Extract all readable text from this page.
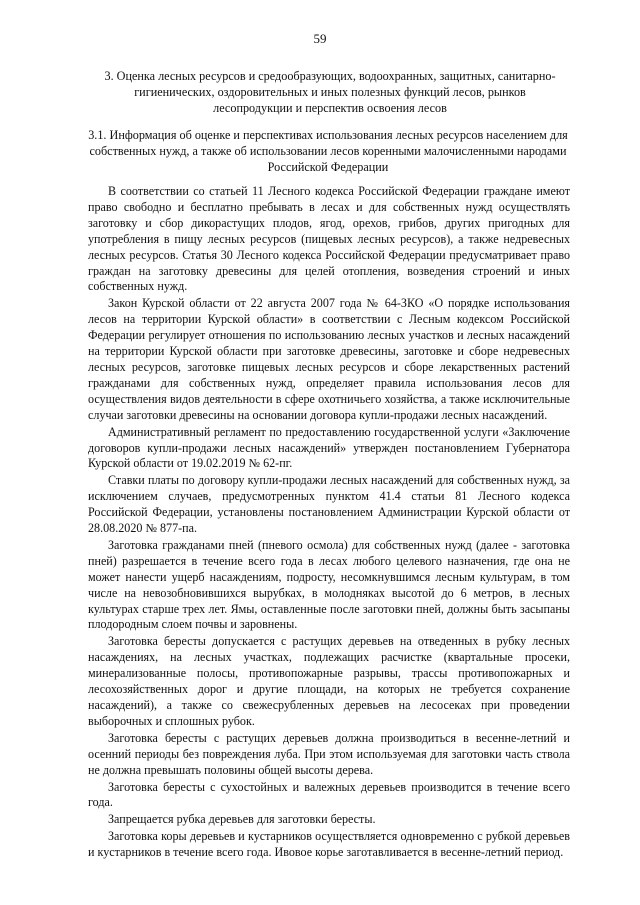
59
3. Оценка лесных ресурсов и средообразующих, водоохранных, защитных, санитарно-гигиенических, оздоровительных и иных полезных функций лесов, рынков лесопродукции и перспектив освоения лесов
3.1. Информация об оценке и перспективах использования лесных ресурсов населением для собственных нужд, а также об использовании лесов коренными малочисленными народами Российской Федерации

В соответствии со статьей 11 Лесного кодекса Российской Федерации граждане имеют право свободно и бесплатно пребывать в лесах и для собственных нужд осуществлять заготовку и сбор дикорастущих плодов, ягод, орехов, грибов, других пригодных для употребления в пищу лесных ресурсов (пищевых лесных ресурсов), а также недревесных лесных ресурсов. Статья 30 Лесного кодекса Российской Федерации предусматривает право граждан на заготовку древесины для целей отопления, возведения строений и иных собственных нужд.

Закон Курской области от 22 августа 2007 года № 64-ЗКО «О порядке использования лесов на территории Курской области» в соответствии с Лесным кодексом Российской Федерации регулирует отношения по использованию лесных участков и лесных насаждений на территории Курской области при заготовке древесины, заготовке и сборе недревесных лесных ресурсов, заготовке пищевых лесных ресурсов и сборе лекарственных растений гражданами для собственных нужд, определяет правила использования лесов для осуществления видов деятельности в сфере охотничьего хозяйства, а также исключительные случаи заготовки древесины на основании договора купли-продажи лесных насаждений.

Административный регламент по предоставлению государственной услуги «Заключение договоров купли-продажи лесных насаждений» утвержден постановлением Губернатора Курской области от 19.02.2019 № 62-пг.

Ставки платы по договору купли-продажи лесных насаждений для собственных нужд, за исключением случаев, предусмотренных пунктом 41.4 статьи 81 Лесного кодекса Российской Федерации, установлены постановлением Администрации Курской области от 28.08.2020 № 877-па.

Заготовка гражданами пней (пневого осмола) для собственных нужд (далее - заготовка пней) разрешается в течение всего года в лесах любого целевого назначения, где она не может нанести ущерб насаждениям, подросту, несомкнувшимся лесным культурам, в том числе на невозобновившихся вырубках, в молодняках высотой до 6 метров, в лесных культурах старше трех лет. Ямы, оставленные после заготовки пней, должны быть засыпаны плодородным слоем почвы и заровнены.

Заготовка бересты допускается с растущих деревьев на отведенных в рубку лесных насаждениях, на лесных участках, подлежащих расчистке (квартальные просеки, минерализованные полосы, противопожарные разрывы, трассы противопожарных и лесохозяйственных дорог и другие площади, на которых не требуется сохранение насаждений), а также со свежесрубленных деревьев на лесосеках при проведении выборочных и сплошных рубок.

Заготовка бересты с растущих деревьев должна производиться в весенне-летний и осенний периоды без повреждения луба. При этом используемая для заготовки часть ствола не должна превышать половины общей высоты дерева.

Заготовка бересты с сухостойных и валежных деревьев производится в течение всего года.

Запрещается рубка деревьев для заготовки бересты.

Заготовка коры деревьев и кустарников осуществляется одновременно с рубкой деревьев и кустарников в течение всего года. Ивовое корье заготавливается в весенне-летний период.
